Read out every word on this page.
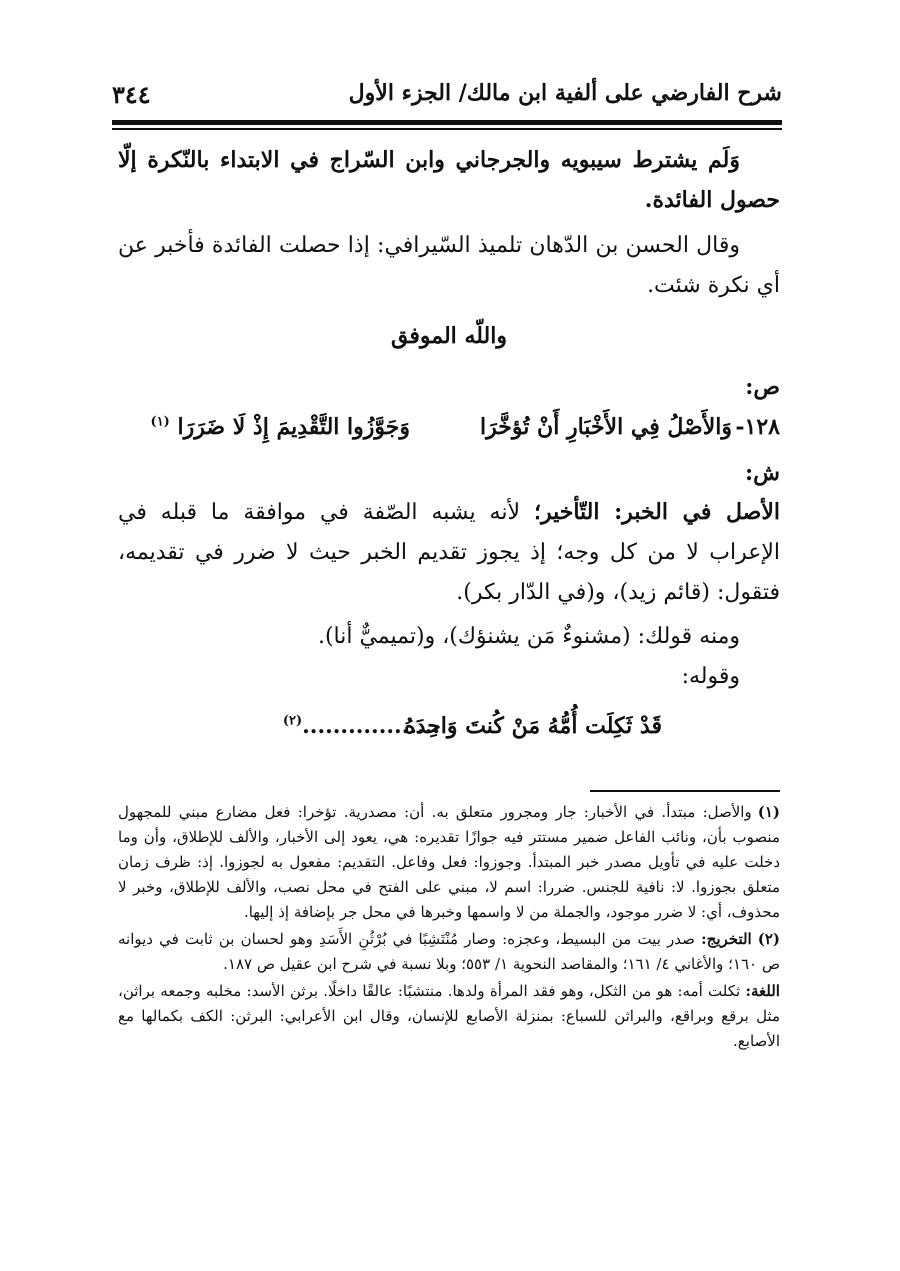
شرح الفارضي على ألفية ابن مالك/ الجزء الأول
٣٤٤

وَلَم يشترط سيبويه والجرجاني وابن السّراج في الابتداء بالنّكرة إلّا حصول الفائدة.

وقال الحسن بن الدّهان تلميذ السّيرافي: إذا حصلت الفائدة فأخبر عن أي نكرة شئت.

واللّه الموفق

ص:

١٢٨-
وَالأَصْلُ فِي الأَخْبَارِ أَنْ تُؤخَّرَا
وَجَوَّزُوا التَّقْدِيمَ إِذْ لَا ضَرَرَا $^{(١)}$

ش:

الأصل في الخبر: التّأخير؛ لأنه يشبه الصّفة في موافقة ما قبله في الإعراب لا من كل وجه؛ إذ يجوز تقديم الخبر حيث لا ضرر في تقديمه، فتقول: (قائم زيد)، و(في الدّار بكر).

ومنه قولك: (مشنوءٌ مَن يشنؤك)، و(تميميٌّ أنا).

وقوله:

قَدْ ثَكِلَت أُمُّهُ مَنْ كُنتَ وَاحِدَهُ
..................$^{(٢)}$

(١)والأصل: مبتدأ. في الأخبار: جار ومجرور متعلق به. أن: مصدرية. تؤخرا: فعل مضارع مبني للمجهول منصوب بأن، ونائب الفاعل ضمير مستتر فيه جوازًا تقديره: هي، يعود إلى الأخبار، والألف للإطلاق، وأن وما دخلت عليه في تأويل مصدر خبر المبتدأ. وجوزوا: فعل وفاعل. التقديم: مفعول به لجوزوا. إذ: ظرف زمان متعلق بجوزوا. لا: نافية للجنس. ضررا: اسم لا، مبني على الفتح في محل نصب، والألف للإطلاق، وخبر لا محذوف، أي: لا ضرر موجود، والجملة من لا واسمها وخبرها في محل جر بإضافة إذ إليها.

(٢)التخريج: صدر بيت من البسيط، وعجزه: وصار مُنْتَشِبًا في بُرْثُنِ الأَسَدِ وهو لحسان بن ثابت في ديوانه ص ١٦٠؛ والأغاني ٤/ ١٦١؛ والمقاصد النحوية ١/ ٥٥٣؛ وبلا نسبة في شرح ابن عقيل ص ١٨٧.

اللغة: ثكلت أمه: هو من الثكل، وهو فقد المرأة ولدها. منتشبًا: عالقًا داخلًا. برثن الأسد: مخلبه وجمعه براثن، مثل برقع وبراقع، والبراثن للسباع: بمنزلة الأصابع للإنسان، وقال ابن الأعرابي: البرثن: الكف بكمالها مع الأصابع.
